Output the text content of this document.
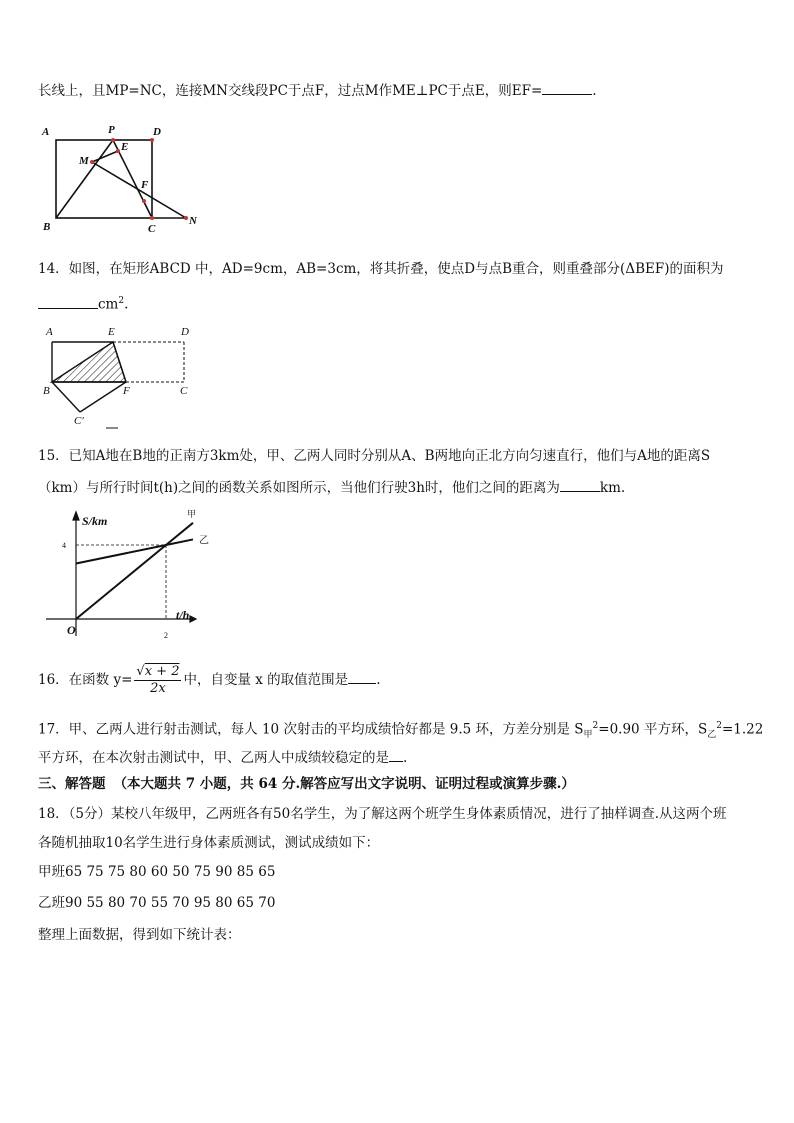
长线上，且MP=NC，连接MN交线段PC于点F，过点M作ME⊥PC于点E，则EF=	.
A	P	D
E
M
F
B	C
N
14．如图，在矩形ABCD 中，AD=9cm，AB=3cm，将其折叠，使点D与点B重合，则重叠部分(ΔBEF)的面积为
$cm^2$.
A	E	D
B	F	C
C′
15．已知A地在B地的正南方3km处，甲、乙两人同时分别从A、B两地向正北方向匀速直行，他们与A地的距离S
（km）与所行时间t(h)之间的函数关系如图所示，当他们行驶3h时，他们之间的距离为	km.
S/km
t/h
O
4
2
甲
乙
16．在函数 $y= \frac{√x + 2}{2x}$ 中，自变量 x 的取值范围是 .
17．甲、乙两人进行射击测试，每人 10 次射击的平均成绩恰好都是 9.5 环，方差分别是 $S_甲^2=0.90$ 平方环，$S_乙^2=1.22$
平方环，在本次射击测试中，甲、乙两人中成绩较稳定的是 .
三、解答题 （本大题共 7 小题，共 64 分.解答应写出文字说明、证明过程或演算步骤.）
18．（5分）某校八年级甲，乙两班各有50名学生，为了解这两个班学生身体素质情况，进行了抽样调查.从这两个班
各随机抽取10名学生进行身体素质测试，测试成绩如下：
甲班65 75 75 80 60 50 75 90 85 65
乙班90 55 80 70 55 70 95 80 65 70
整理上面数据，得到如下统计表：
